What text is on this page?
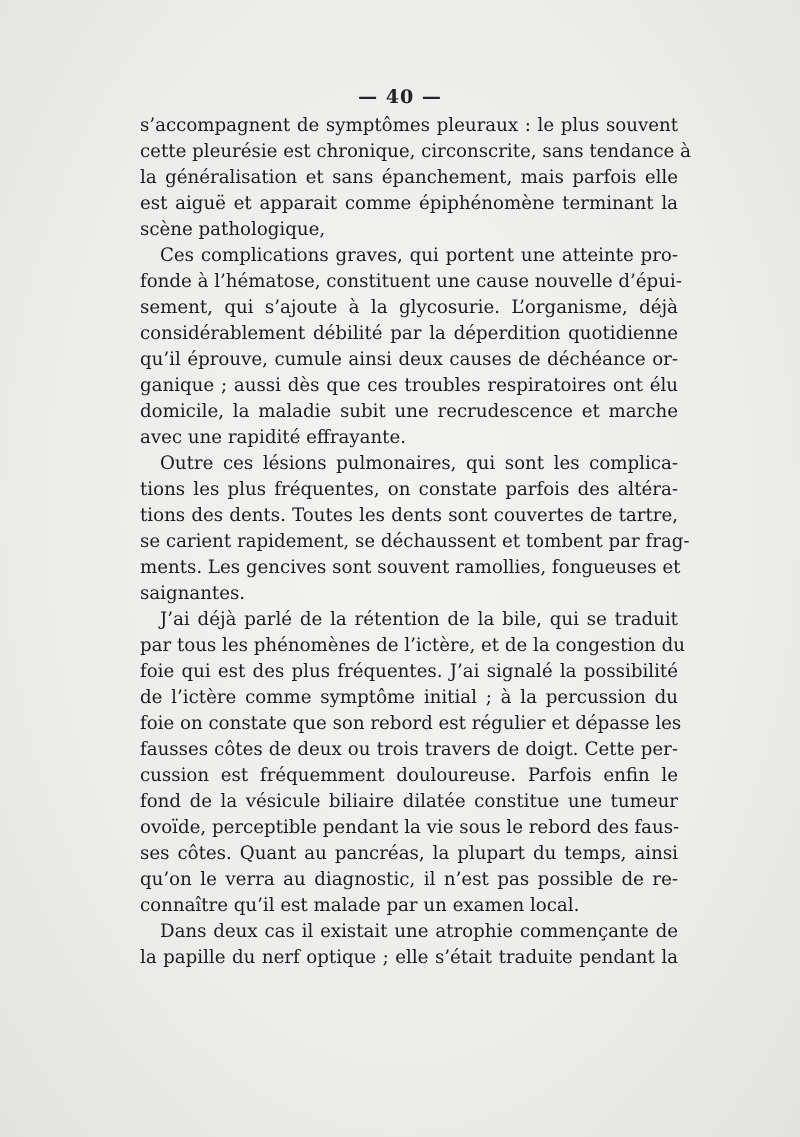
— 40 —
s’accompagnent de symptômes pleuraux : le plus souvent
cette pleurésie est chronique, circonscrite, sans tendance à
la généralisation et sans épanchement, mais parfois elle
est aiguë et apparait comme épiphénomène terminant la
scène pathologique,
Ces complications graves, qui portent une atteinte pro-
fonde à l’hématose, constituent une cause nouvelle d’épui-
sement, qui s’ajoute à la glycosurie. L’organisme, déjà
considérablement débilité par la déperdition quotidienne
qu’il éprouve, cumule ainsi deux causes de déchéance or-
ganique ; aussi dès que ces troubles respiratoires ont élu
domicile, la maladie subit une recrudescence et marche
avec une rapidité effrayante.
Outre ces lésions pulmonaires, qui sont les complica-
tions les plus fréquentes, on constate parfois des altéra-
tions des dents. Toutes les dents sont couvertes de tartre,
se carient rapidement, se déchaussent et tombent par frag-
ments. Les gencives sont souvent ramollies, fongueuses et
saignantes.
J’ai déjà parlé de la rétention de la bile, qui se traduit
par tous les phénomènes de l’ictère, et de la congestion du
foie qui est des plus fréquentes. J’ai signalé la possibilité
de l’ictère comme symptôme initial ; à la percussion du
foie on constate que son rebord est régulier et dépasse les
fausses côtes de deux ou trois travers de doigt. Cette per-
cussion est fréquemment douloureuse. Parfois enfin le
fond de la vésicule biliaire dilatée constitue une tumeur
ovoïde, perceptible pendant la vie sous le rebord des faus-
ses côtes. Quant au pancréas, la plupart du temps, ainsi
qu’on le verra au diagnostic, il n’est pas possible de re-
connaître qu’il est malade par un examen local.
Dans deux cas il existait une atrophie commençante de
la papille du nerf optique ; elle s’était traduite pendant la
